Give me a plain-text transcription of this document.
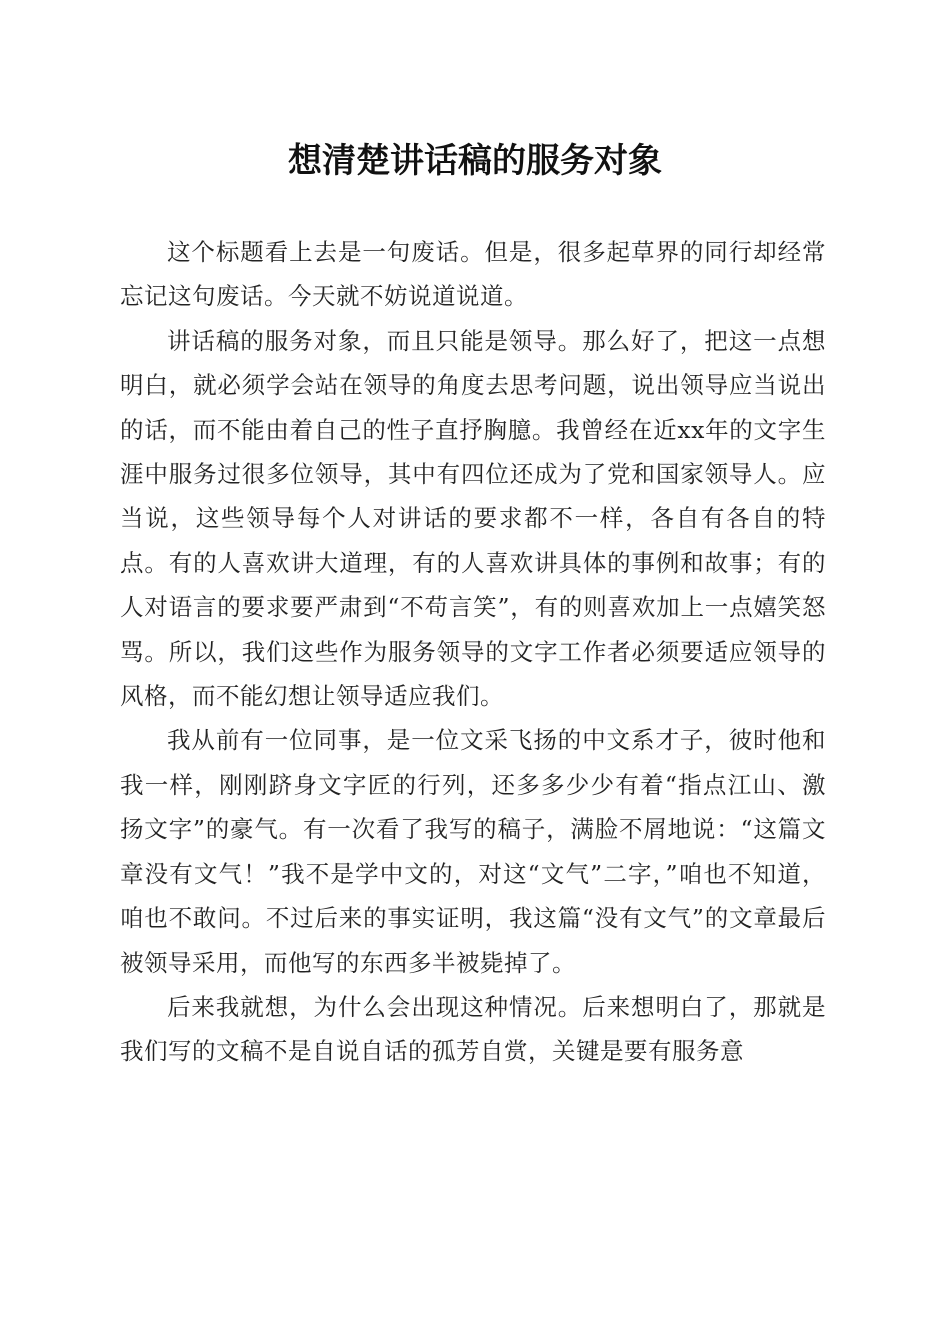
想清楚讲话稿的服务对象

这个标题看上去是一句废话。但是，很多起草界的同行却经常忘记这句废话。今天就不妨说道说道。

讲话稿的服务对象，而且只能是领导。那么好了，把这一点想明白，就必须学会站在领导的角度去思考问题，说出领导应当说出的话，而不能由着自己的性子直抒胸臆。我曾经在近xx年的文字生涯中服务过很多位领导，其中有四位还成为了党和国家领导人。应当说，这些领导每个人对讲话的要求都不一样，各自有各自的特点。有的人喜欢讲大道理，有的人喜欢讲具体的事例和故事；有的人对语言的要求要严肃到“不苟言笑”，有的则喜欢加上一点嬉笑怒骂。所以，我们这些作为服务领导的文字工作者必须要适应领导的风格，而不能幻想让领导适应我们。

我从前有一位同事，是一位文采飞扬的中文系才子，彼时他和我一样，刚刚跻身文字匠的行列，还多多少少有着“指点江山、激扬文字”的豪气。有一次看了我写的稿子，满脸不屑地说：“这篇文章没有文气！”我不是学中文的，对这“文气”二字，”咱也不知道，咱也不敢问。不过后来的事实证明，我这篇“没有文气”的文章最后被领导采用，而他写的东西多半被毙掉了。

后来我就想，为什么会出现这种情况。后来想明白了，那就是我们写的文稿不是自说自话的孤芳自赏，关键是要有服务意
